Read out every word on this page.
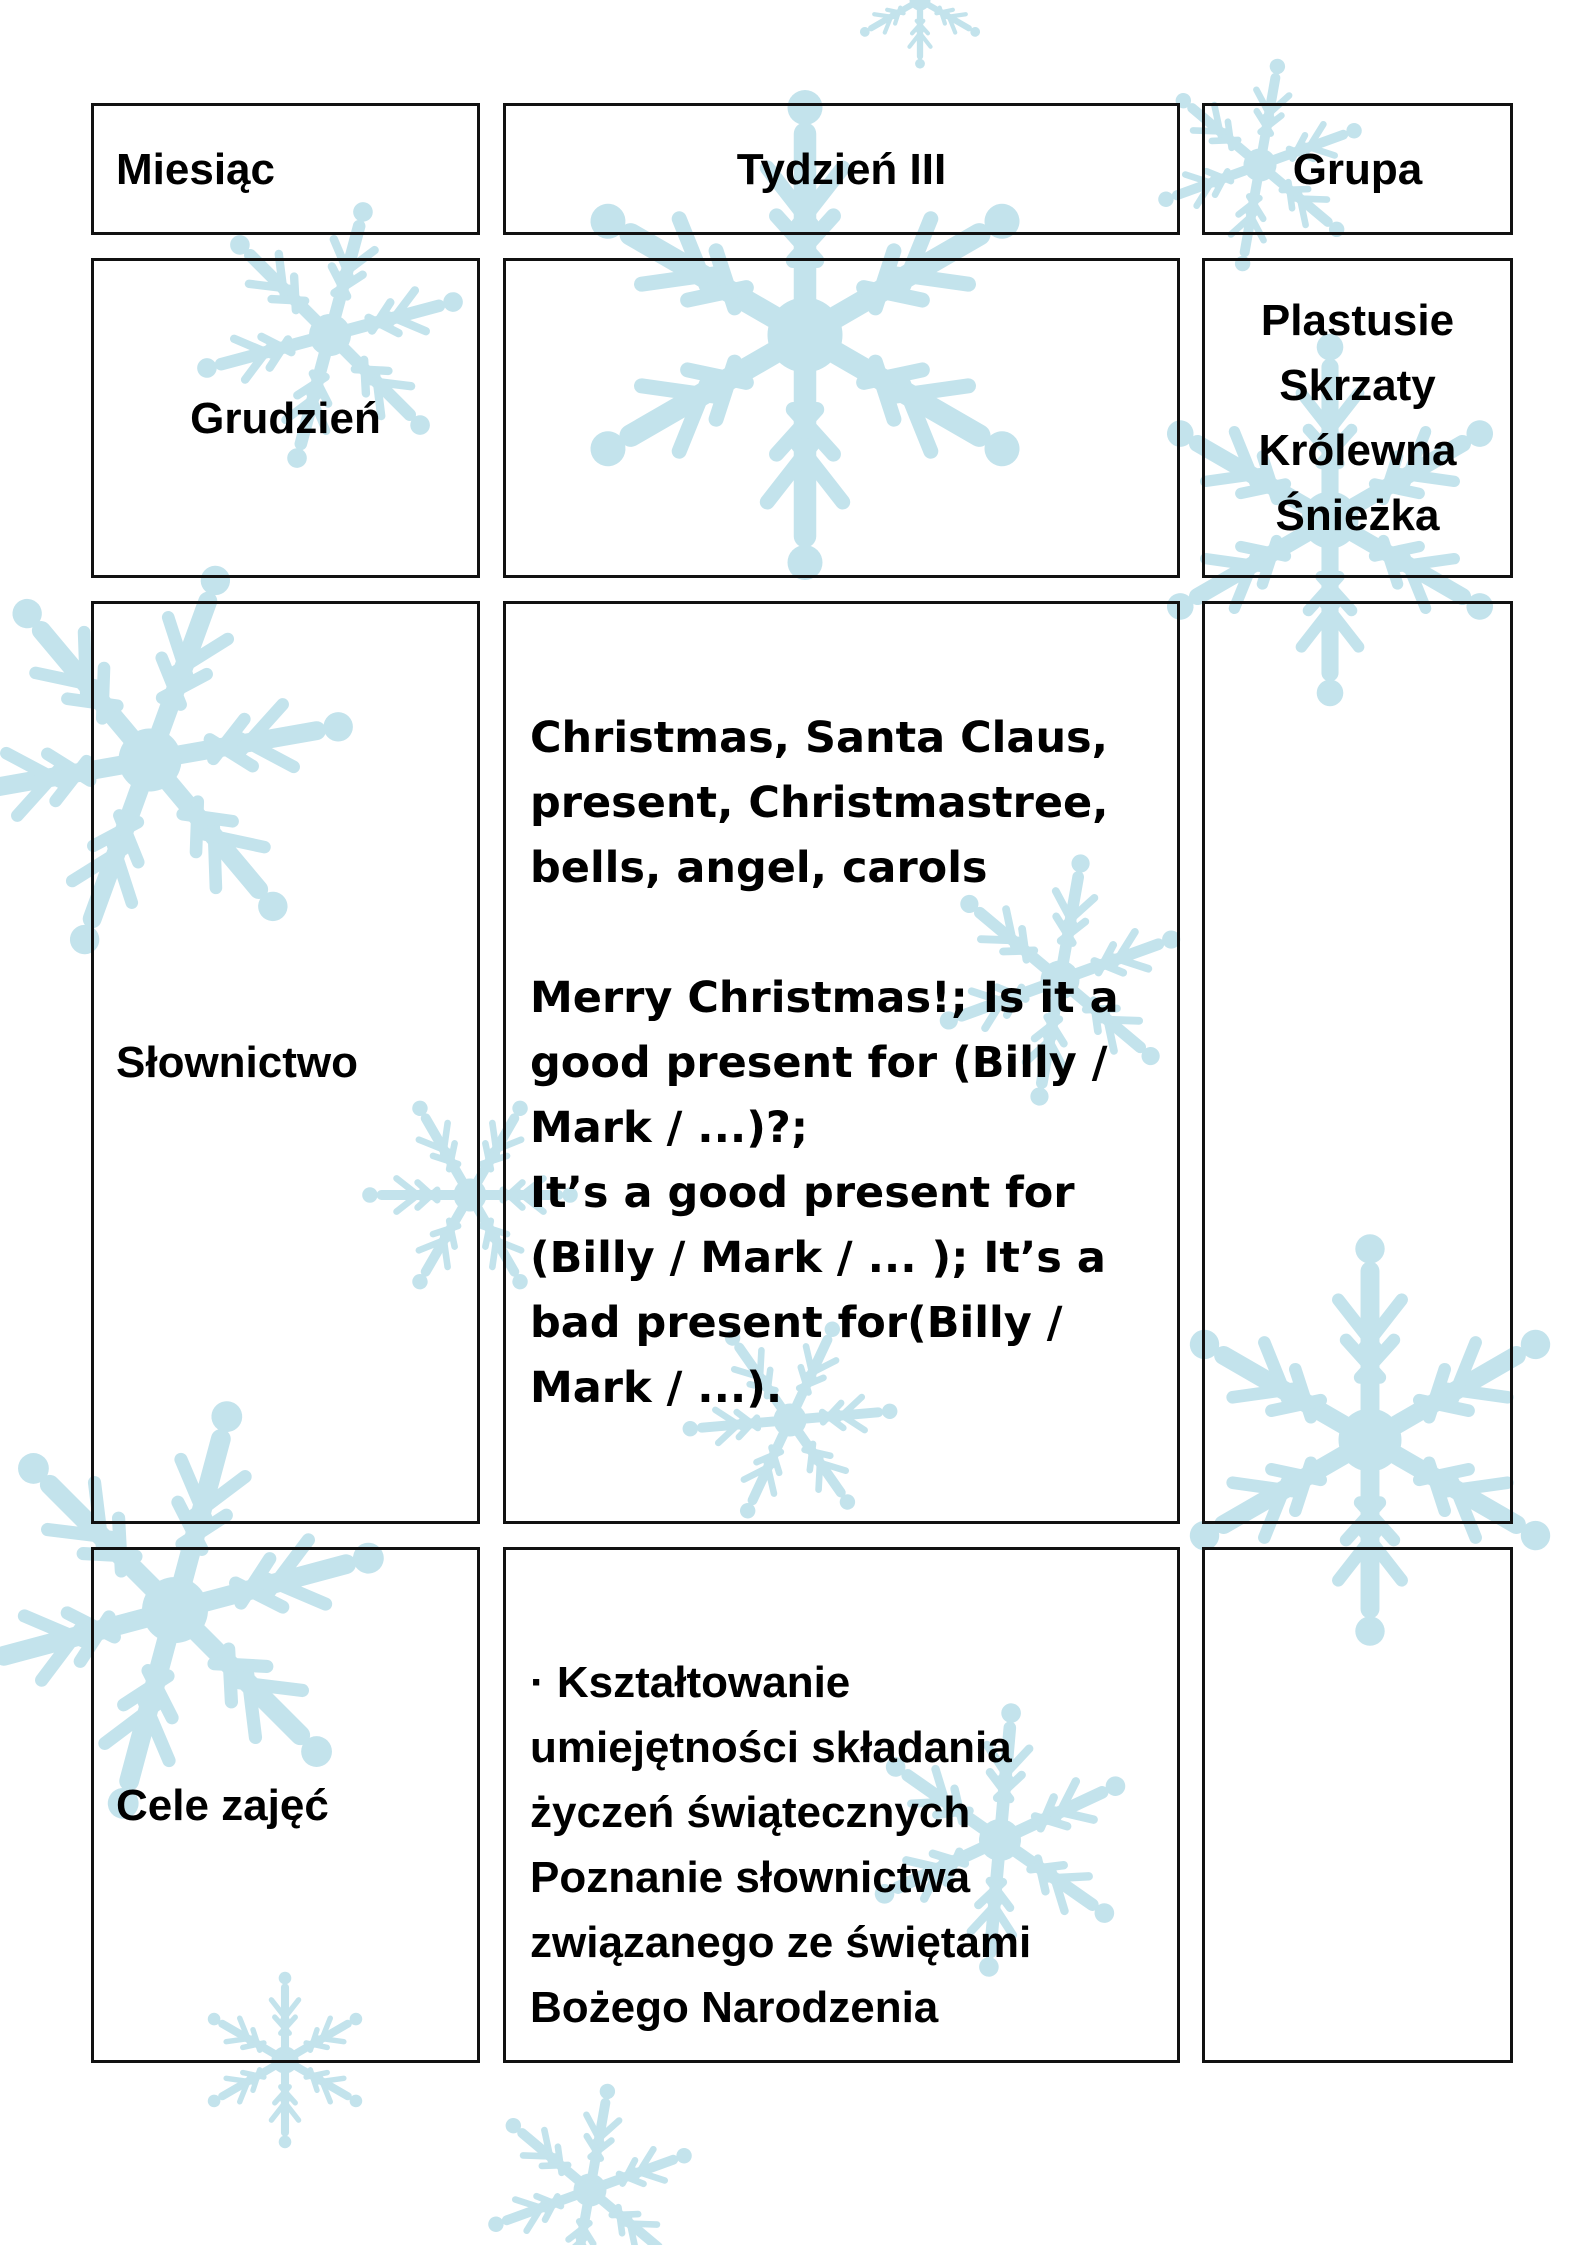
Miesiąc	Tydzień III	Grupa
Grudzień
Plastusie
Skrzaty
Królewna
Śnieżka
Słownictwo
Christmas, Santa Claus,
present, Christmastree,
bells, angel, carols
Merry Christmas!; Is it a
good present for (Billy /
Mark / ...)?;
It’s a good present for
(Billy / Mark / ... ); It’s a
bad present for(Billy /
Mark / ...).
Cele zajęć
· Kształtowanie
umiejętności składania
życzeń świątecznych
Poznanie słownictwa
związanego ze świętami
Bożego Narodzenia
